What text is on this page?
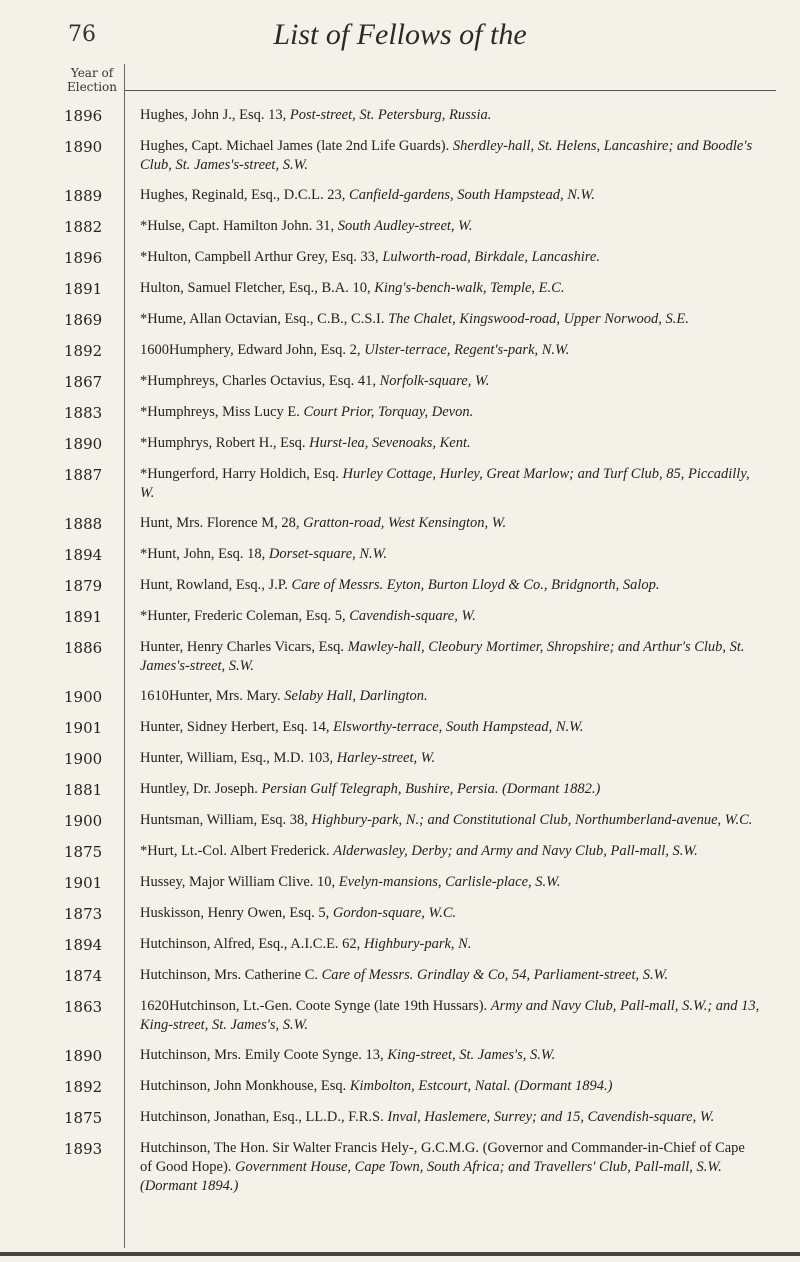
76	List of Fellows of the
Year of Election
1896	Hughes, John J., Esq. 13, Post-street, St. Petersburg, Russia.
1890	Hughes, Capt. Michael James (late 2nd Life Guards). Sherdley-hall, St. Helens, Lancashire; and Boodle's Club, St. James's-street, S.W.
1889	Hughes, Reginald, Esq., D.C.L. 23, Canfield-gardens, South Hampstead, N.W.
1882	*Hulse, Capt. Hamilton John. 31, South Audley-street, W.
1896	*Hulton, Campbell Arthur Grey, Esq. 33, Lulworth-road, Birkdale, Lancashire.
1891	Hulton, Samuel Fletcher, Esq., B.A. 10, King's-bench-walk, Temple, E.C.
1869	*Hume, Allan Octavian, Esq., C.B., C.S.I. The Chalet, Kingswood-road, Upper Norwood, S.E.
1892	1600Humphery, Edward John, Esq. 2, Ulster-terrace, Regent's-park, N.W.
1867	*Humphreys, Charles Octavius, Esq. 41, Norfolk-square, W.
1883	*Humphreys, Miss Lucy E. Court Prior, Torquay, Devon.
1890	*Humphrys, Robert H., Esq. Hurst-lea, Sevenoaks, Kent.
1887	*Hungerford, Harry Holdich, Esq. Hurley Cottage, Hurley, Great Marlow; and Turf Club, 85, Piccadilly, W.
1888	Hunt, Mrs. Florence M, 28, Gratton-road, West Kensington, W.
1894	*Hunt, John, Esq. 18, Dorset-square, N.W.
1879	Hunt, Rowland, Esq., J.P. Care of Messrs. Eyton, Burton Lloyd & Co., Bridgnorth, Salop.
1891	*Hunter, Frederic Coleman, Esq. 5, Cavendish-square, W.
1886	Hunter, Henry Charles Vicars, Esq. Mawley-hall, Cleobury Mortimer, Shropshire; and Arthur's Club, St. James's-street, S.W.
1900	1610Hunter, Mrs. Mary. Selaby Hall, Darlington.
1901	Hunter, Sidney Herbert, Esq. 14, Elsworthy-terrace, South Hampstead, N.W.
1900	Hunter, William, Esq., M.D. 103, Harley-street, W.
1881	Huntley, Dr. Joseph. Persian Gulf Telegraph, Bushire, Persia. (Dormant 1882.)
1900	Huntsman, William, Esq. 38, Highbury-park, N.; and Constitutional Club, Northumberland-avenue, W.C.
1875	*Hurt, Lt.-Col. Albert Frederick. Alderwasley, Derby; and Army and Navy Club, Pall-mall, S.W.
1901	Hussey, Major William Clive. 10, Evelyn-mansions, Carlisle-place, S.W.
1873	Huskisson, Henry Owen, Esq. 5, Gordon-square, W.C.
1894	Hutchinson, Alfred, Esq., A.I.C.E. 62, Highbury-park, N.
1874	Hutchinson, Mrs. Catherine C. Care of Messrs. Grindlay & Co, 54, Parliament-street, S.W.
1863	1620Hutchinson, Lt.-Gen. Coote Synge (late 19th Hussars). Army and Navy Club, Pall-mall, S.W.; and 13, King-street, St. James's, S.W.
1890	Hutchinson, Mrs. Emily Coote Synge. 13, King-street, St. James's, S.W.
1892	Hutchinson, John Monkhouse, Esq. Kimbolton, Estcourt, Natal. (Dormant 1894.)
1875	Hutchinson, Jonathan, Esq., LL.D., F.R.S. Inval, Haslemere, Surrey; and 15, Cavendish-square, W.
1893	Hutchinson, The Hon. Sir Walter Francis Hely-, G.C.M.G. (Governor and Commander-in-Chief of Cape of Good Hope). Government House, Cape Town, South Africa; and Travellers' Club, Pall-mall, S.W. (Dormant 1894.)
